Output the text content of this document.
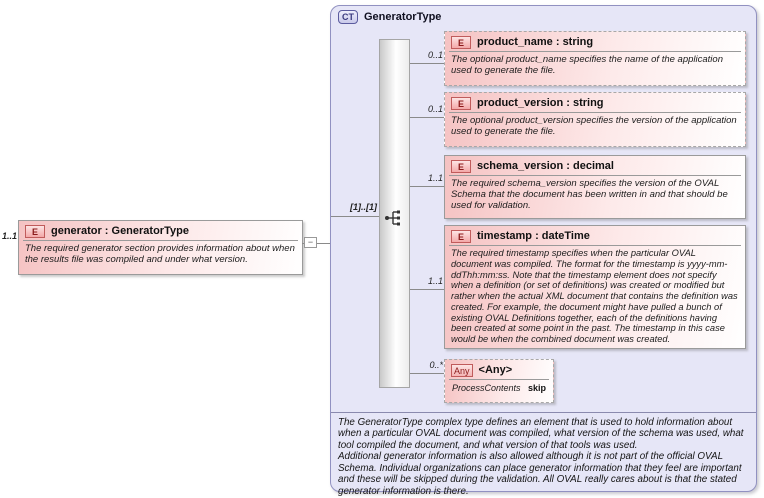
1..1	E	generator : GeneratorType
The required generator section provides information about when the results file was compiled and under what version.
−
CT GeneratorType
[1]..[1]
0..1
0..1
1..1
1..1
0..*
E	product_name : string
The optional product_name specifies the name of the application used to generate the file.
E	product_version : string
The optional product_version specifies the version of the application used to generate the file.
E	schema_version : decimal
The required schema_version specifies the version of the OVAL Schema that the document has been written in and that should be used for validation.
E	timestamp : dateTime
The required timestamp specifies when the particular OVAL document was compiled. The format for the timestamp is yyyy-mm-ddThh:mm:ss. Note that the timestamp element does not specify when a definition (or set of definitions) was created or modified but rather when the actual XML document that contains the definition was created. For example, the document might have pulled a bunch of existing OVAL Definitions together, each of the definitions having been created at some point in the past. The timestamp in this case would be when the combined document was created.
Any <Any>
ProcessContents skip
The GeneratorType complex type defines an element that is used to hold information about when a particular OVAL document was compiled, what version of the schema was used, what tool compiled the document, and what version of that tools was used.
Additional generator information is also allowed although it is not part of the official OVAL Schema. Individual organizations can place generator information that they feel are important and these will be skipped during the validation. All OVAL really cares about is that the stated generator information is there.
